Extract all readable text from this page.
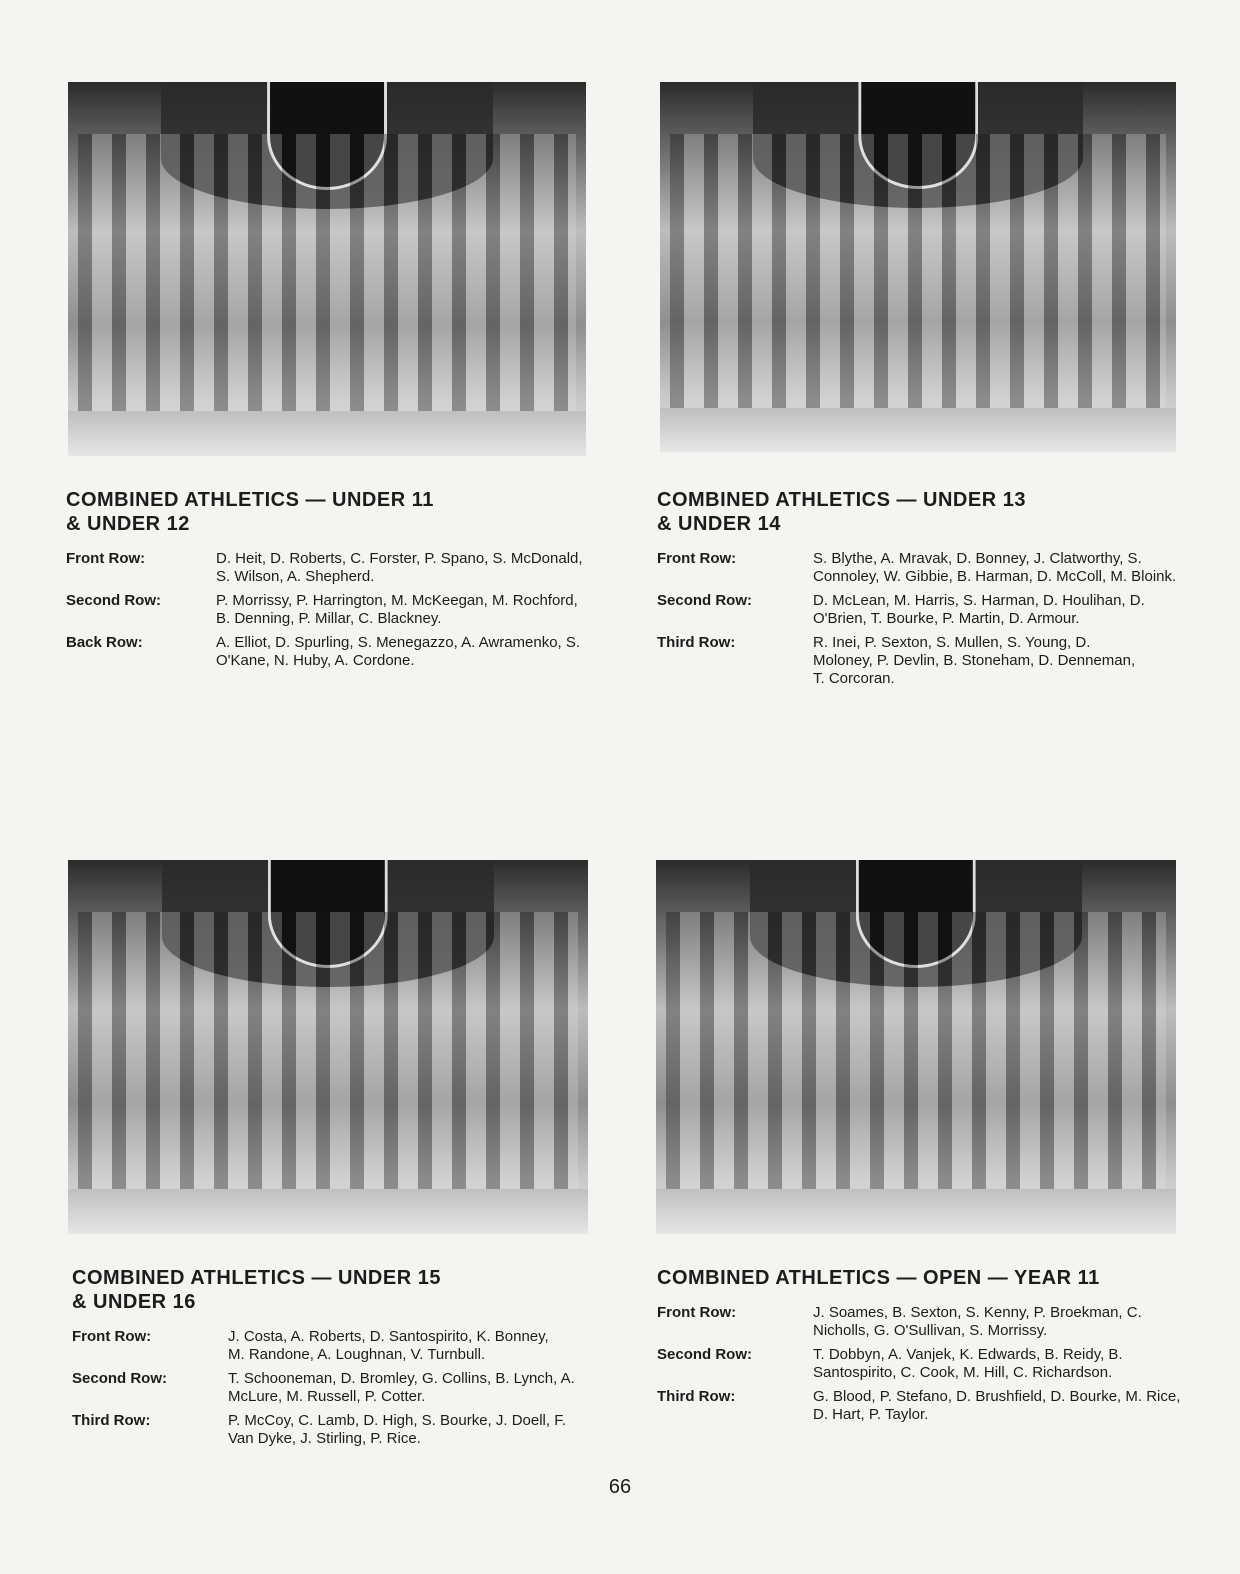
COMBINED ATHLETICS — UNDER 11
& UNDER 12
Front Row:	D. Heit, D. Roberts, C. Forster, P. Spano, S. McDonald, S. Wilson, A. Shepherd.
Second Row:	P. Morrissy, P. Harrington, M. McKeegan, M. Rochford, B. Denning, P. Millar, C. Blackney.
Back Row:	A. Elliot, D. Spurling, S. Menegazzo, A. Awramenko, S. O'Kane, N. Huby, A. Cordone.
COMBINED ATHLETICS — UNDER 13
& UNDER 14
Front Row:	S. Blythe, A. Mravak, D. Bonney, J. Clatworthy, S. Connoley, W. Gibbie, B. Harman, D. McColl, M. Bloink.
Second Row:	D. McLean, M. Harris, S. Harman, D. Houlihan, D. O'Brien, T. Bourke, P. Martin, D. Armour.
Third Row:	R. Inei, P. Sexton, S. Mullen, S. Young, D. Moloney, P. Devlin, B. Stoneham, D. Denneman, T. Corcoran.
COMBINED ATHLETICS — UNDER 15
& UNDER 16
Front Row:	J. Costa, A. Roberts, D. Santospirito, K. Bonney, M. Randone, A. Loughnan, V. Turnbull.
Second Row:	T. Schooneman, D. Bromley, G. Collins, B. Lynch, A. McLure, M. Russell, P. Cotter.
Third Row:	P. McCoy, C. Lamb, D. High, S. Bourke, J. Doell, F. Van Dyke, J. Stirling, P. Rice.
COMBINED ATHLETICS — OPEN — YEAR 11
Front Row:	J. Soames, B. Sexton, S. Kenny, P. Broekman, C. Nicholls, G. O'Sullivan, S. Morrissy.
Second Row:	T. Dobbyn, A. Vanjek, K. Edwards, B. Reidy, B. Santospirito, C. Cook, M. Hill, C. Richardson.
Third Row:	G. Blood, P. Stefano, D. Brushfield, D. Bourke, M. Rice, D. Hart, P. Taylor.
66
